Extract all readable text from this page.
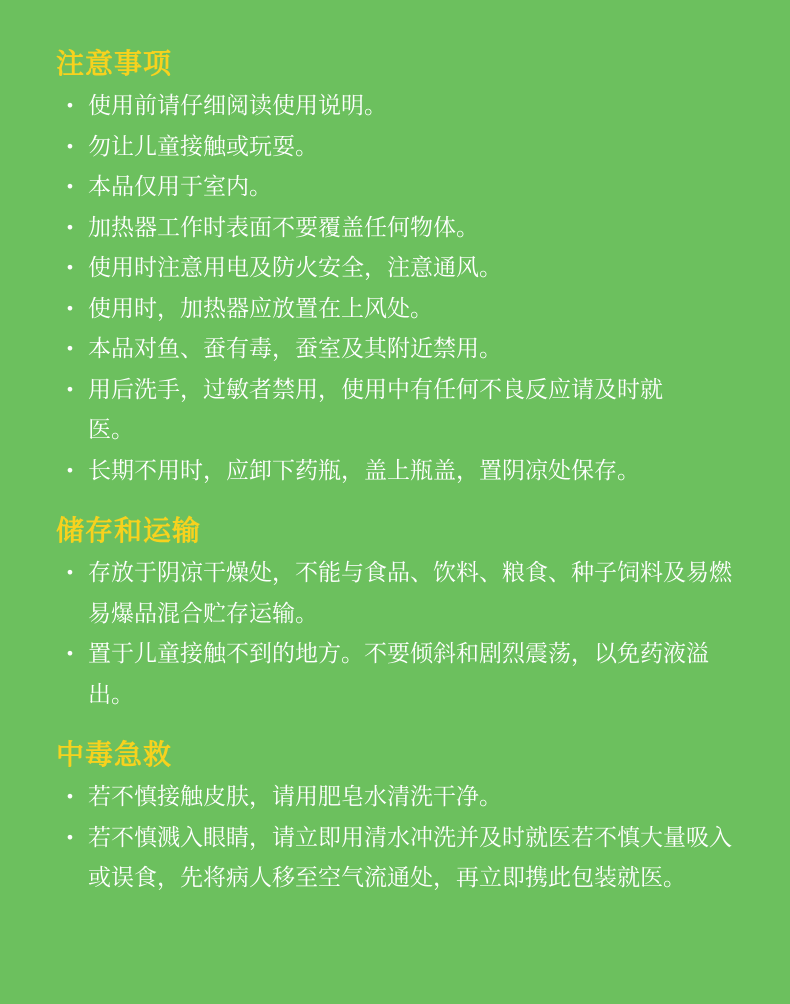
注意事项
• 使用前请仔细阅读使用说明。
• 勿让儿童接触或玩耍。
• 本品仅用于室内。
• 加热器工作时表面不要覆盖任何物体。
• 使用时注意用电及防火安全，注意通风。
• 使用时，加热器应放置在上风处。
• 本品对鱼、蚕有毒，蚕室及其附近禁用。
• 用后洗手，过敏者禁用，使用中有任何不良反应请及时就医。
• 长期不用时，应卸下药瓶，盖上瓶盖，置阴凉处保存。
储存和运输
• 存放于阴凉干燥处，不能与食品、饮料、粮食、种子饲料及易燃易爆品混合贮存运输。
• 置于儿童接触不到的地方。不要倾斜和剧烈震荡，以免药液溢出。
中毒急救
• 若不慎接触皮肤，请用肥皂水清洗干净。
• 若不慎溅入眼睛，请立即用清水冲洗并及时就医若不慎大量吸入或误食，先将病人移至空气流通处，再立即携此包装就医。
